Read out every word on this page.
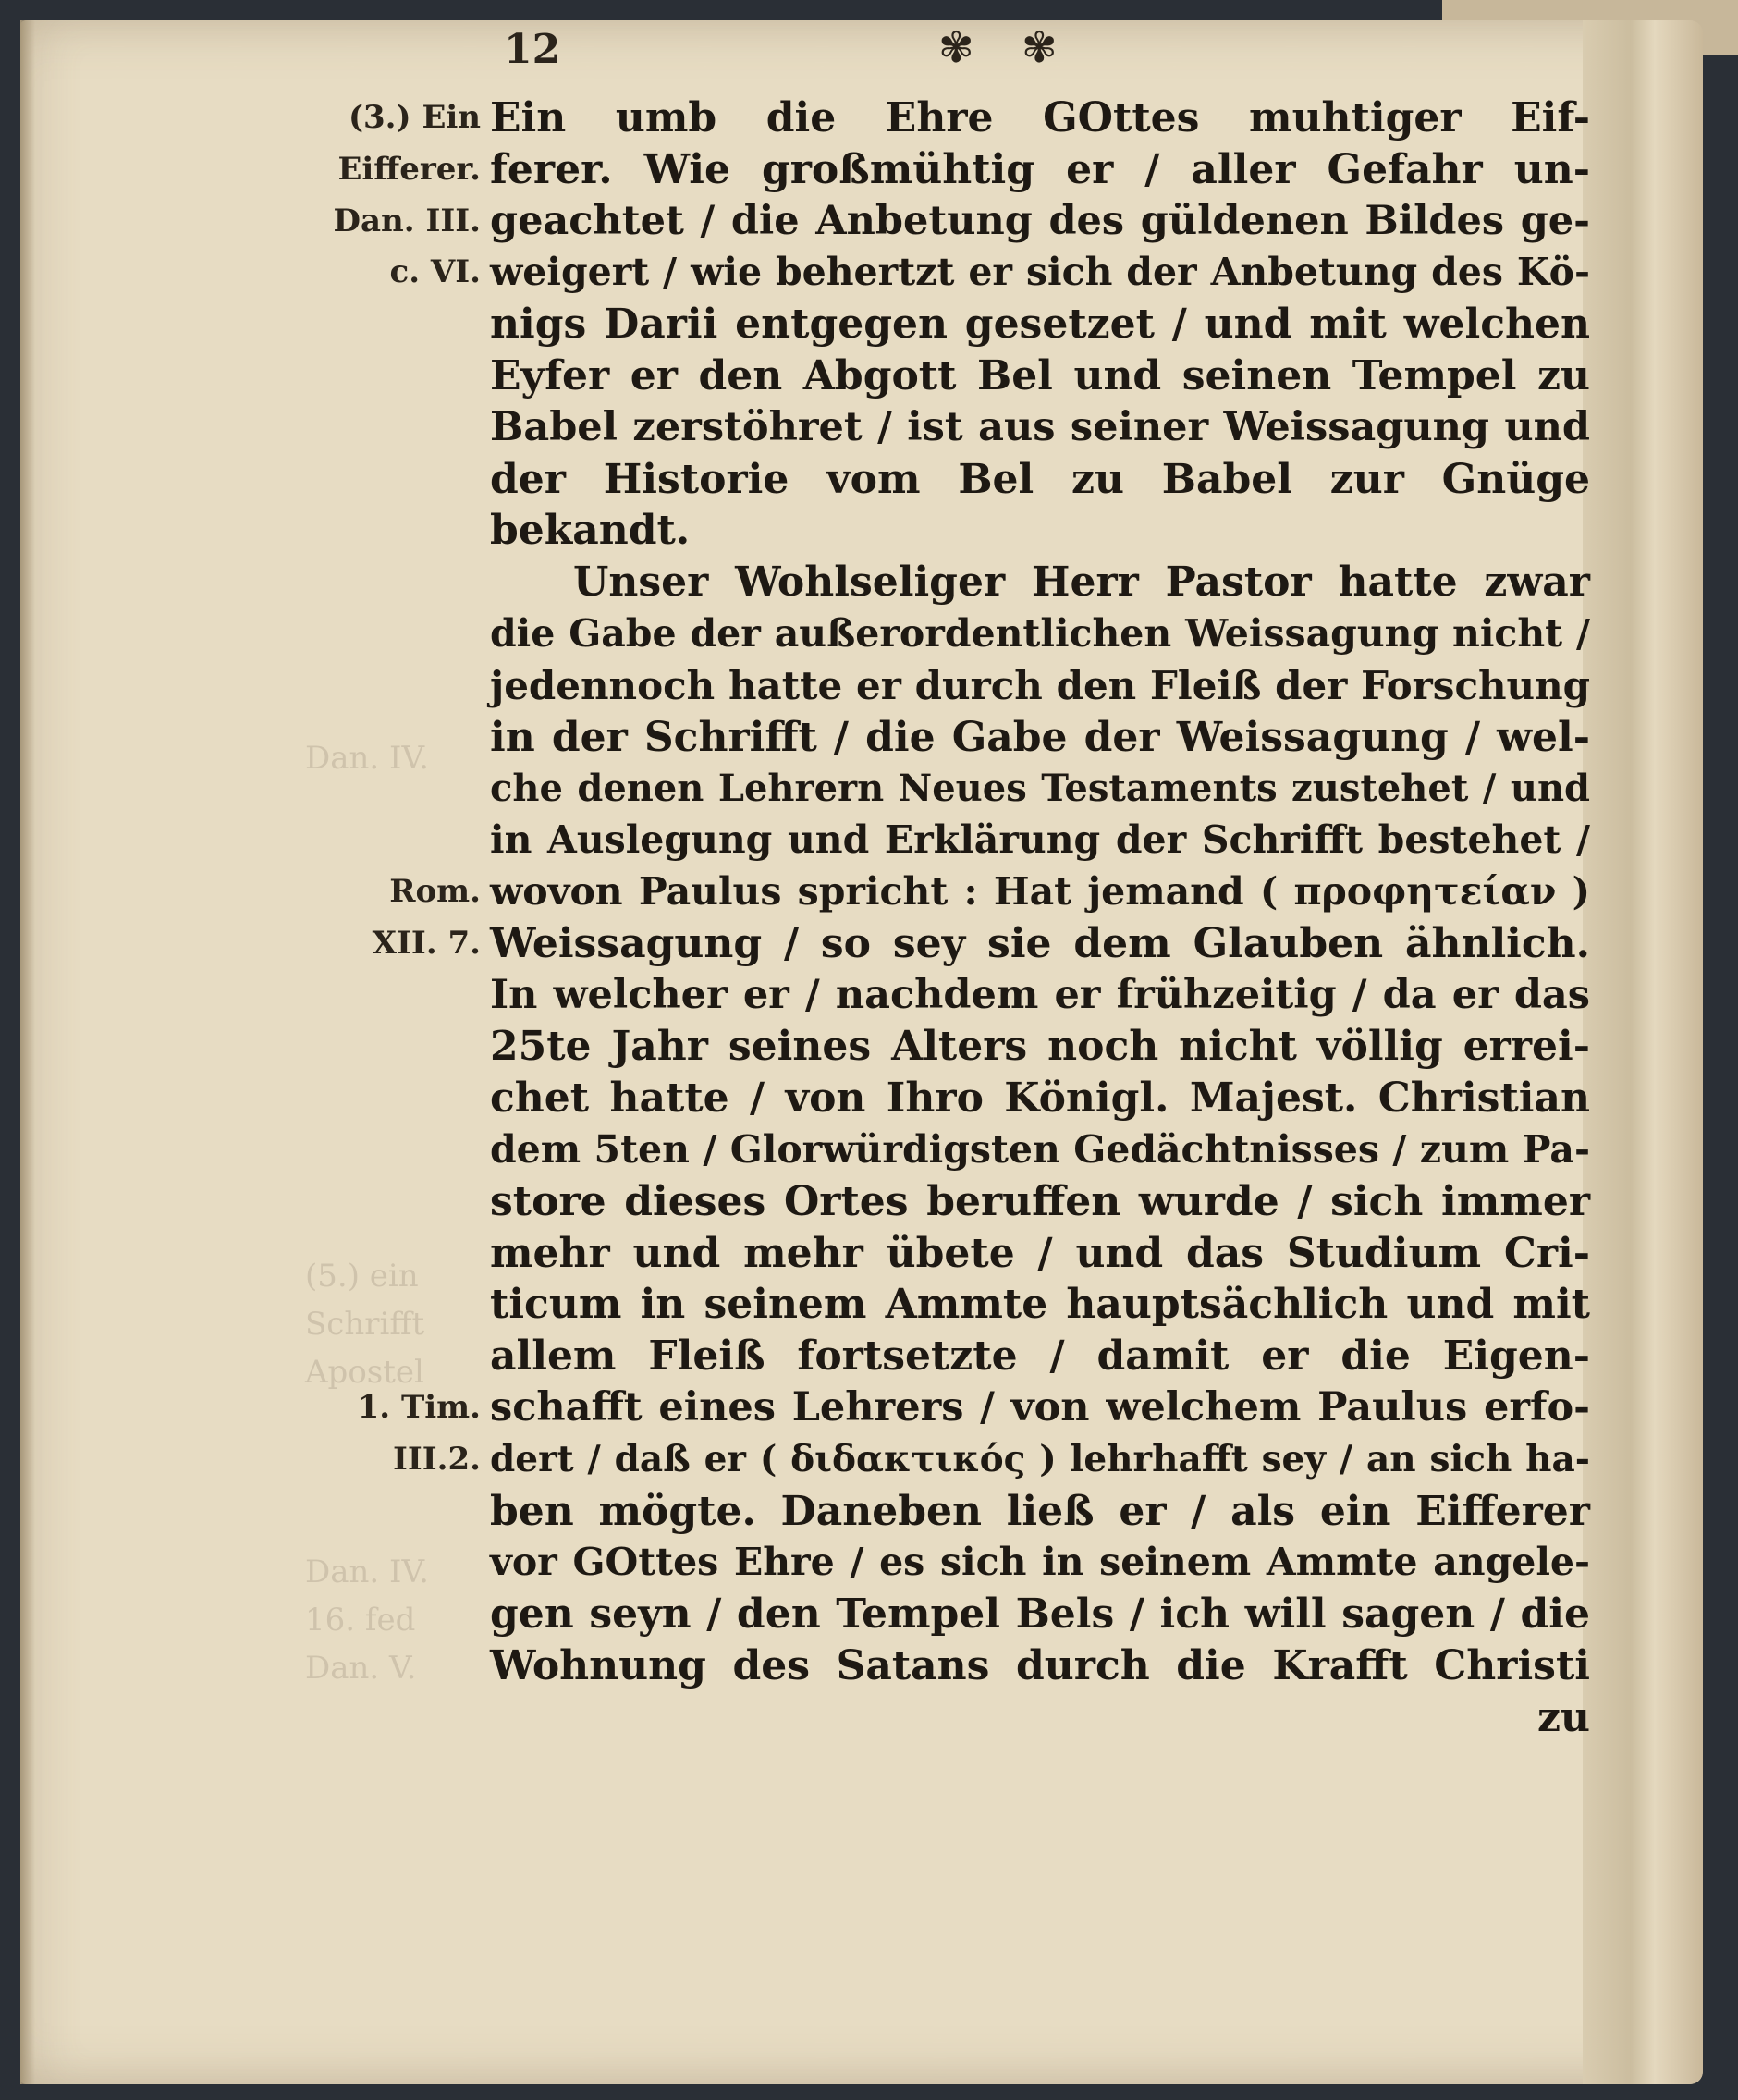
12	✾ ✾
Dan. IV.
(5.) ein
Schrifft
Apostel
Dan. IV.
16. fed
Dan. V.
(3.) Ein
Eifferer.
Dan. III.
c. VI.
Rom.
XII. 7.
1. Tim.
III.2.
Ein umb die Ehre GOttes muhtiger Eif-
ferer. Wie großmühtig er / aller Gefahr un-
geachtet / die Anbetung des güldenen Bildes ge-
weigert / wie behertzt er sich der Anbetung des Kö-
nigs Darii entgegen gesetzet / und mit welchen
Eyfer er den Abgott Bel und seinen Tempel zu
Babel zerstöhret / ist aus seiner Weissagung und
der Historie vom Bel zu Babel zur Gnüge
bekandt.
Unser Wohlseliger Herr Pastor hatte zwar
die Gabe der außerordentlichen Weissagung nicht /
jedennoch hatte er durch den Fleiß der Forschung
in der Schrifft / die Gabe der Weissagung / wel-
che denen Lehrern Neues Testaments zustehet / und
in Auslegung und Erklärung der Schrifft bestehet /
wovon Paulus spricht : Hat jemand ( προφητείαν )
Weissagung / so sey sie dem Glauben ähnlich.
In welcher er / nachdem er frühzeitig / da er das
25te Jahr seines Alters noch nicht völlig errei-
chet hatte / von Ihro Königl. Majest. Christian
dem 5ten / Glorwürdigsten Gedächtnisses / zum Pa-
store dieses Ortes beruffen wurde / sich immer
mehr und mehr übete / und das Studium Cri-
ticum in seinem Ammte hauptsächlich und mit
allem Fleiß fortsetzte / damit er die Eigen-
schafft eines Lehrers / von welchem Paulus erfo-
dert / daß er ( διδακτικός ) lehrhafft sey / an sich ha-
ben mögte. Daneben ließ er / als ein Eifferer
vor GOttes Ehre / es sich in seinem Ammte angele-
gen seyn / den Tempel Bels / ich will sagen / die
Wohnung des Satans durch die Krafft Christi
zu
